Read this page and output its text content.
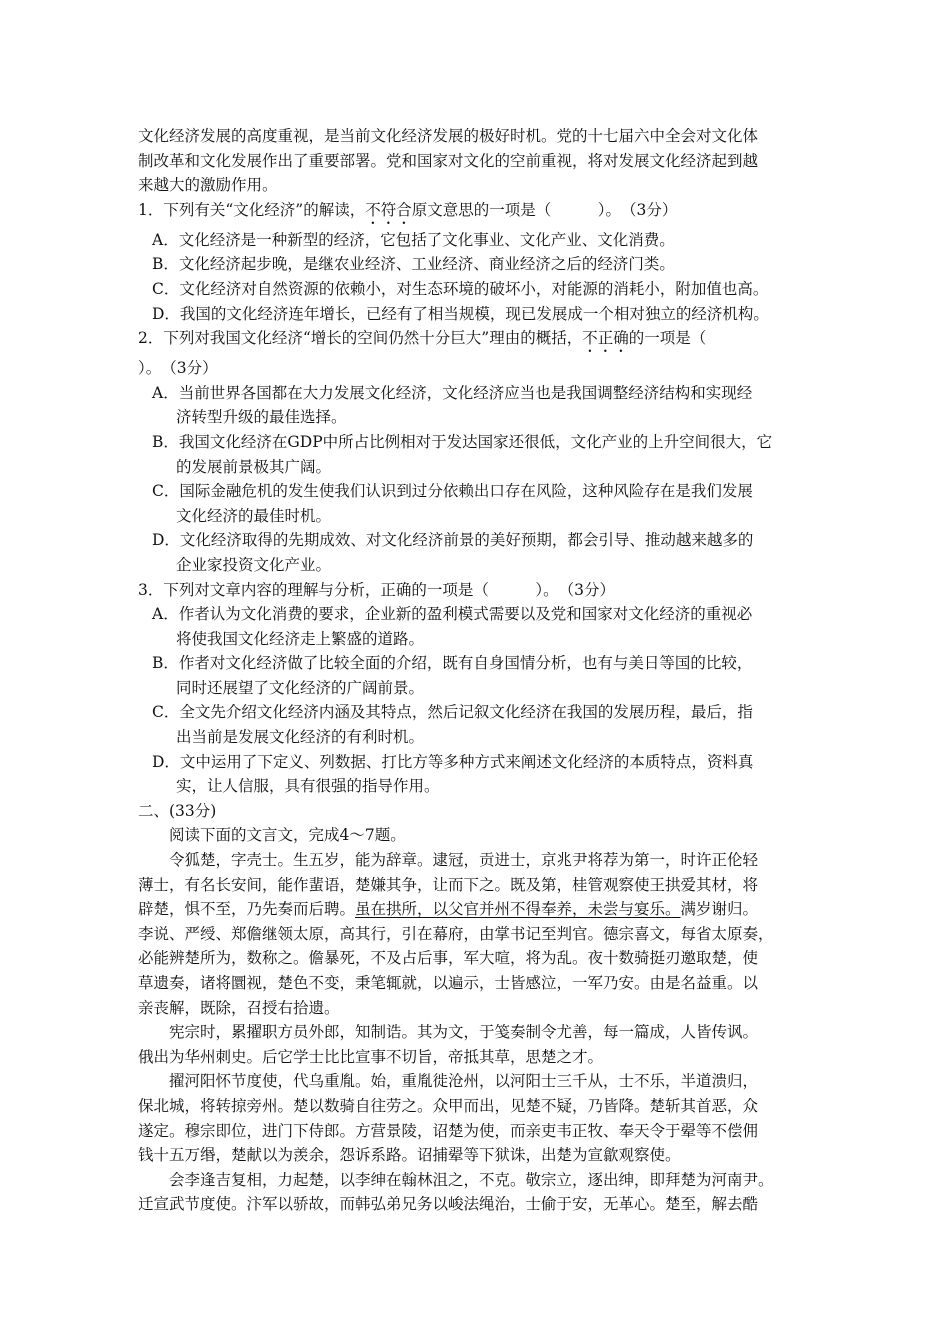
文化经济发展的高度重视，是当前文化经济发展的极好时机。党的十七届六中全会对文化体
制改革和文化发展作出了重要部署。党和国家对文化的空前重视，将对发展文化经济起到越
来越大的激励作用。
1．下列有关“文化经济”的解读，不符合原文意思的一项是（　　　）。　（3分）
A．文化经济是一种新型的经济，它包括了文化事业、文化产业、文化消费。
B．文化经济起步晚，是继农业经济、工业经济、商业经济之后的经济门类。
C．文化经济对自然资源的依赖小，对生态环境的破坏小，对能源的消耗小，附加值也高。
D．我国的文化经济连年增长，已经有了相当规模，现已发展成一个相对独立的经济机构。
2．下列对我国文化经济“增长的空间仍然十分巨大”理由的概括，不正确的一项是（
）。　（3分）
A．当前世界各国都在大力发展文化经济，文化经济应当也是我国调整经济结构和实现经
济转型升级的最佳选择。
B．我国文化经济在GDP中所占比例相对于发达国家还很低，文化产业的上升空间很大，它
的发展前景极其广阔。
C．国际金融危机的发生使我们认识到过分依赖出口存在风险，这种风险存在是我们发展
文化经济的最佳时机。
D．文化经济取得的先期成效、对文化经济前景的美好预期，都会引导、推动越来越多的
企业家投资文化产业。
3．下列对文章内容的理解与分析，正确的一项是（　　　）。　（3分）
A．作者认为文化消费的要求，企业新的盈利模式需要以及党和国家对文化经济的重视必
将使我国文化经济走上繁盛的道路。
B．作者对文化经济做了比较全面的介绍，既有自身国情分析，也有与美日等国的比较，
同时还展望了文化经济的广阔前景。
C．全文先介绍文化经济内涵及其特点，然后记叙文化经济在我国的发展历程，最后，指
出当前是发展文化经济的有利时机。
D．文中运用了下定义、列数据、打比方等多种方式来阐述文化经济的本质特点，资料真
实，让人信服，具有很强的指导作用。
二、(33分)
阅读下面的文言文，完成4～7题。
令狐楚，字壳士。生五岁，能为辞章。逮冠，贡进士，京兆尹将荐为第一，时许正伦轻
薄士，有名长安间，能作蜚语，楚嫌其争，让而下之。既及第，桂管观察使王拱爱其材，将
辟楚，惧不至，乃先奏而后聘。虽在拱所，以父官并州不得奉养，未尝与宴乐。满岁谢归。
李说、严绶、郑儋继领太原，高其行，引在幕府，由掌书记至判官。德宗喜文，每省太原奏，
必能辨楚所为，数称之。儋暴死，不及占后事，军大喧，将为乱。夜十数骑挺刃邀取楚，使
草遗奏，诸将圜视，楚色不变，秉笔辄就，以遍示，士皆感泣，一军乃安。由是名益重。以
亲丧解，既除，召授右拾遗。
宪宗时，累擢职方员外郎，知制诰。其为文，于笺奏制令尤善，每一篇成，人皆传讽。
俄出为华州刺史。后它学士比比宣事不切旨，帝抵其草，思楚之才。
擢河阳怀节度使，代乌重胤。始，重胤徙沧州，以河阳士三千从，士不乐，半道溃归，
保北城，将转掠旁州。楚以数骑自往劳之。众甲而出，见楚不疑，乃皆降。楚斩其首恶，众
遂定。穆宗即位，进门下侍郎。方营景陵，诏楚为使，而亲吏韦正牧、奉天令于翚等不偿佣
钱十五万缗，楚献以为羡余，怨诉系路。诏捕翚等下狱诛，出楚为宣歙观察使。
会李逢吉复相，力起楚，以李绅在翰林沮之，不克。敬宗立，逐出绅，即拜楚为河南尹。
迁宣武节度使。汴军以骄故，而韩弘弟兄务以峻法绳治，士偷于安，无革心。楚至，解去酷
